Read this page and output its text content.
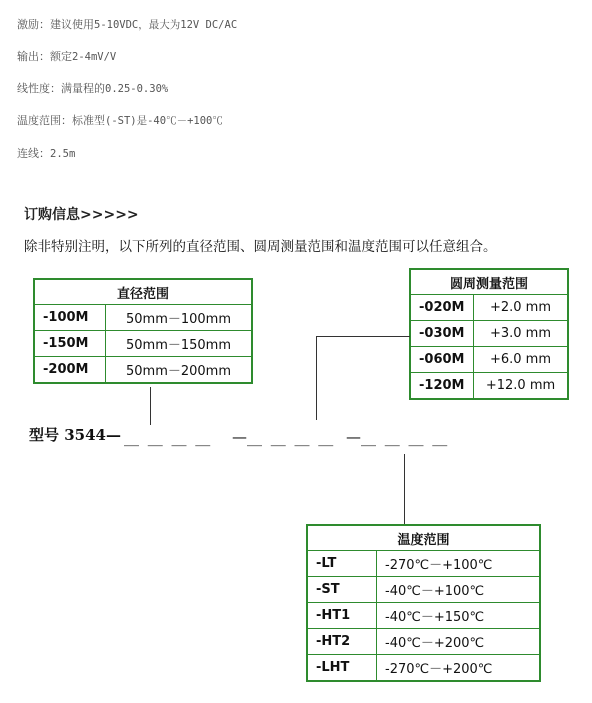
激励：建议使用5-10VDC，最大为12V DC/AC
输出：额定2-4mV/V
线性度：满量程的0.25-0.30%
温度范围：标准型(-ST)是-40℃－+100℃
连线：2.5m
订购信息>>>>>
除非特别注明，以下所列的直径范围、圆周测量范围和温度范围可以任意组合。
直径范围	
-100M	50mm－100mm
-150M	50mm－150mm
-200M	50mm－200mm
圆周测量范围	
-020M	+2.0 mm
-030M	+3.0 mm
-060M	+6.0 mm
-120M	+12.0 mm
型号 3544— ＿ ＿ ＿ ＿ —
＿ ＿ ＿ ＿ —
＿ ＿ ＿ ＿
温度范围	
-LT	-270℃－+100℃
-ST	-40℃－+100℃
-HT1	-40℃－+150℃
-HT2	-40℃－+200℃
-LHT	-270℃－+200℃
